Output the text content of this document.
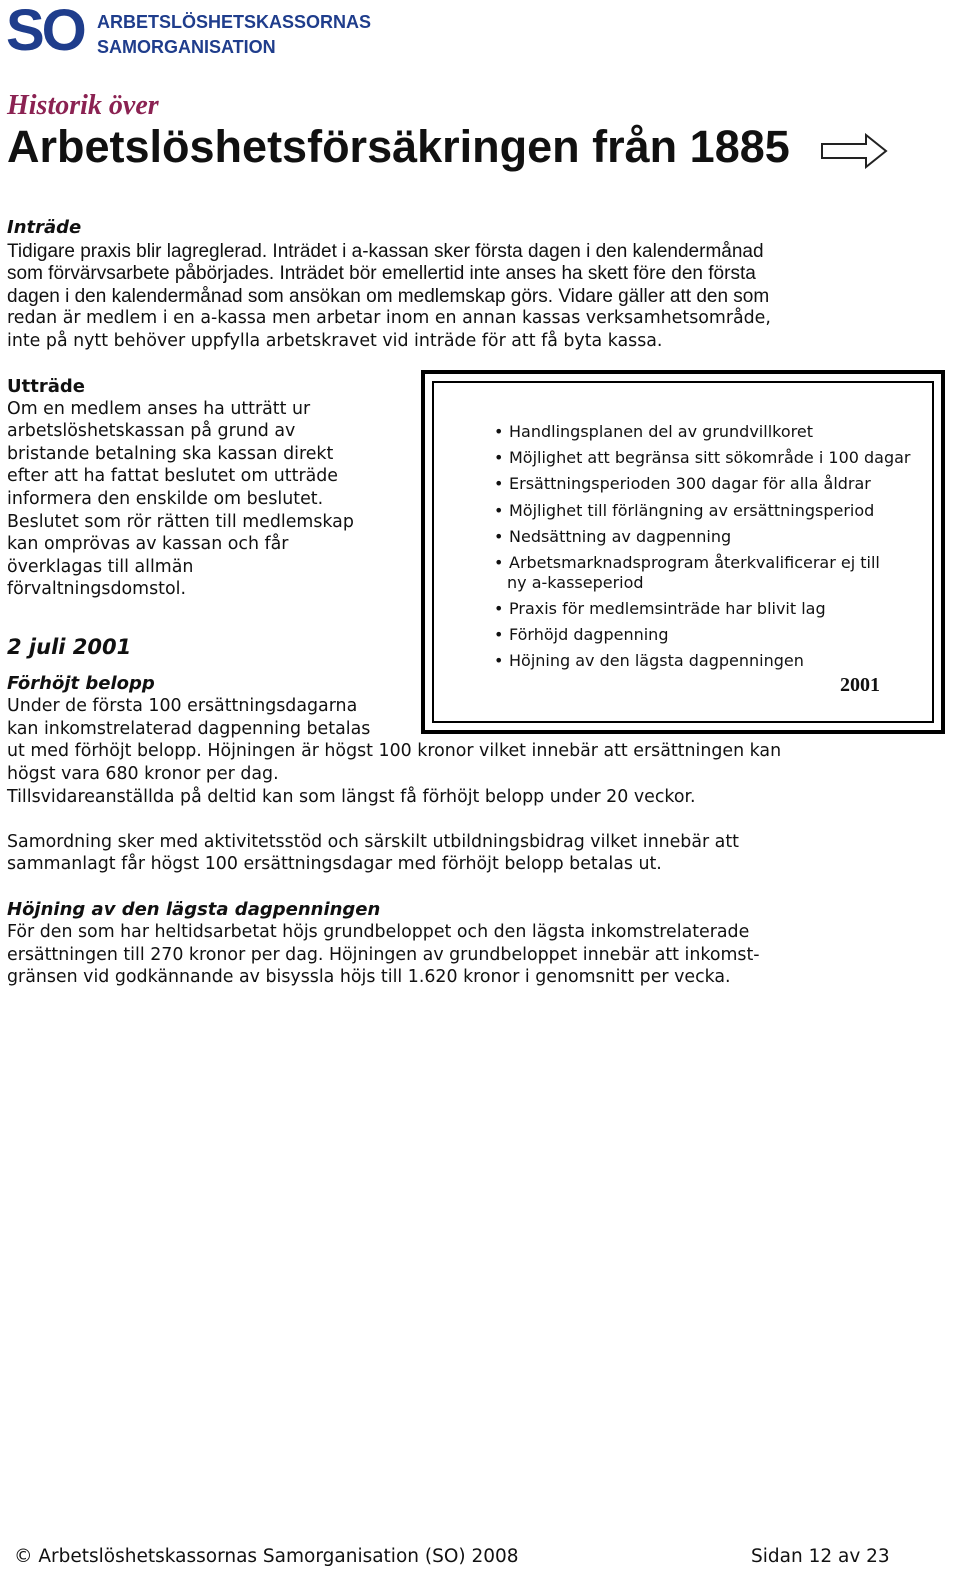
SO ARBETSLÖSHETSKASSORNAS
SAMORGANISATION
Historik över
Arbetslöshetsförsäkringen från 1885
Inträde
Tidigare praxis blir lagreglerad. Inträdet i a-kassan sker första dagen i den kalendermånad
som förvärvsarbete påbörjades. Inträdet bör emellertid inte anses ha skett före den första
dagen i den kalendermånad som ansökan om medlemskap görs. Vidare gäller att den som
redan är medlem i en a-kassa men arbetar inom en annan kassas verksamhetsområde,
inte på nytt behöver uppfylla arbetskravet vid inträde för att få byta kassa.
Utträde
Om en medlem anses ha utträtt ur
arbetslöshetskassan på grund av
bristande betalning ska kassan direkt
efter att ha fattat beslutet om utträde
informera den enskilde om beslutet.
Beslutet som rör rätten till medlemskap
kan omprövas av kassan och får
överklagas till allmän
förvaltningsdomstol.
• Handlingsplanen del av grundvillkoret
• Möjlighet att begränsa sitt sökområde i 100 dagar
• Ersättningsperioden 300 dagar för alla åldrar
• Möjlighet till förlängning av ersättningsperiod
• Nedsättning av dagpenning
• Arbetsmarknadsprogram återkvalificerar ej till
ny a-kasseperiod
• Praxis för medlemsinträde har blivit lag
• Förhöjd dagpenning
• Höjning av den lägsta dagpenningen
2001
2 juli 2001
Förhöjt belopp
Under de första 100 ersättningsdagarna
kan inkomstrelaterad dagpenning betalas
ut med förhöjt belopp. Höjningen är högst 100 kronor vilket innebär att ersättningen kan
högst vara 680 kronor per dag.
Tillsvidareanställda på deltid kan som längst få förhöjt belopp under 20 veckor.
Samordning sker med aktivitetsstöd och särskilt utbildningsbidrag vilket innebär att
sammanlagt får högst 100 ersättningsdagar med förhöjt belopp betalas ut.
Höjning av den lägsta dagpenningen
För den som har heltidsarbetat höjs grundbeloppet och den lägsta inkomstrelaterade
ersättningen till 270 kronor per dag. Höjningen av grundbeloppet innebär att inkomst-
gränsen vid godkännande av bisyssla höjs till 1.620 kronor i genomsnitt per vecka.
© Arbetslöshetskassornas Samorganisation (SO) 2008	Sidan 12 av 23
